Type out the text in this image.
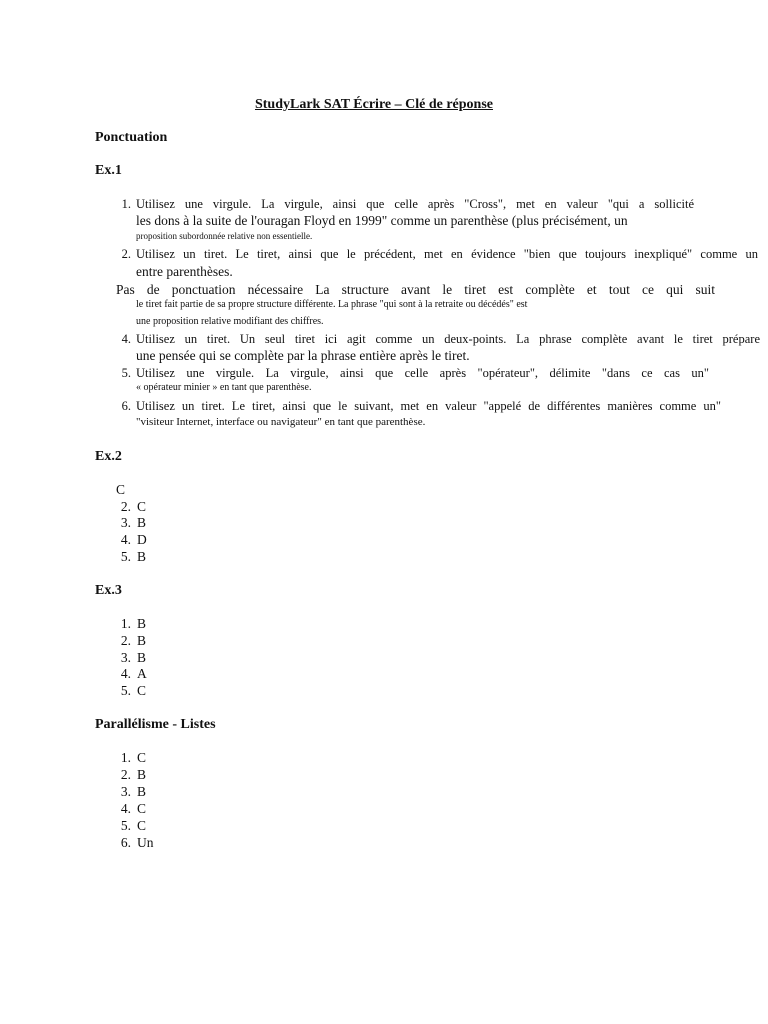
StudyLark SAT Écrire – Clé de réponse
Ponctuation
Ex.1
1. Utilisez une virgule. La virgule, ainsi que celle après "Cross", met en valeur "qui a sollicité
les dons à la suite de l'ouragan Floyd en 1999" comme un parenthèse (plus précisément, un
proposition subordonnée relative non essentielle.
2. Utilisez un tiret. Le tiret, ainsi que le précédent, met en évidence "bien que toujours inexpliqué" comme un
entre parenthèses.
Pas de ponctuation nécessaire La structure avant le tiret est complète et tout ce qui suit
le tiret fait partie de sa propre structure différente. La phrase "qui sont à la retraite ou décédés" est
une proposition relative modifiant des chiffres.
4. Utilisez un tiret. Un seul tiret ici agit comme un deux-points. La phrase complète avant le tiret prépare
une pensée qui se complète par la phrase entière après le tiret.
5. Utilisez une virgule. La virgule, ainsi que celle après "opérateur", délimite "dans ce cas un"
« opérateur minier » en tant que parenthèse.
6. Utilisez un tiret. Le tiret, ainsi que le suivant, met en valeur "appelé de différentes manières comme un"
"visiteur Internet, interface ou navigateur" en tant que parenthèse.
Ex.2
C
2. C
3. B
4. D
5. B
Ex.3
1. B
2. B
3. B
4. A
5. C
Parallélisme - Listes
1. C
2. B
3. B
4. C
5. C
6. Un
